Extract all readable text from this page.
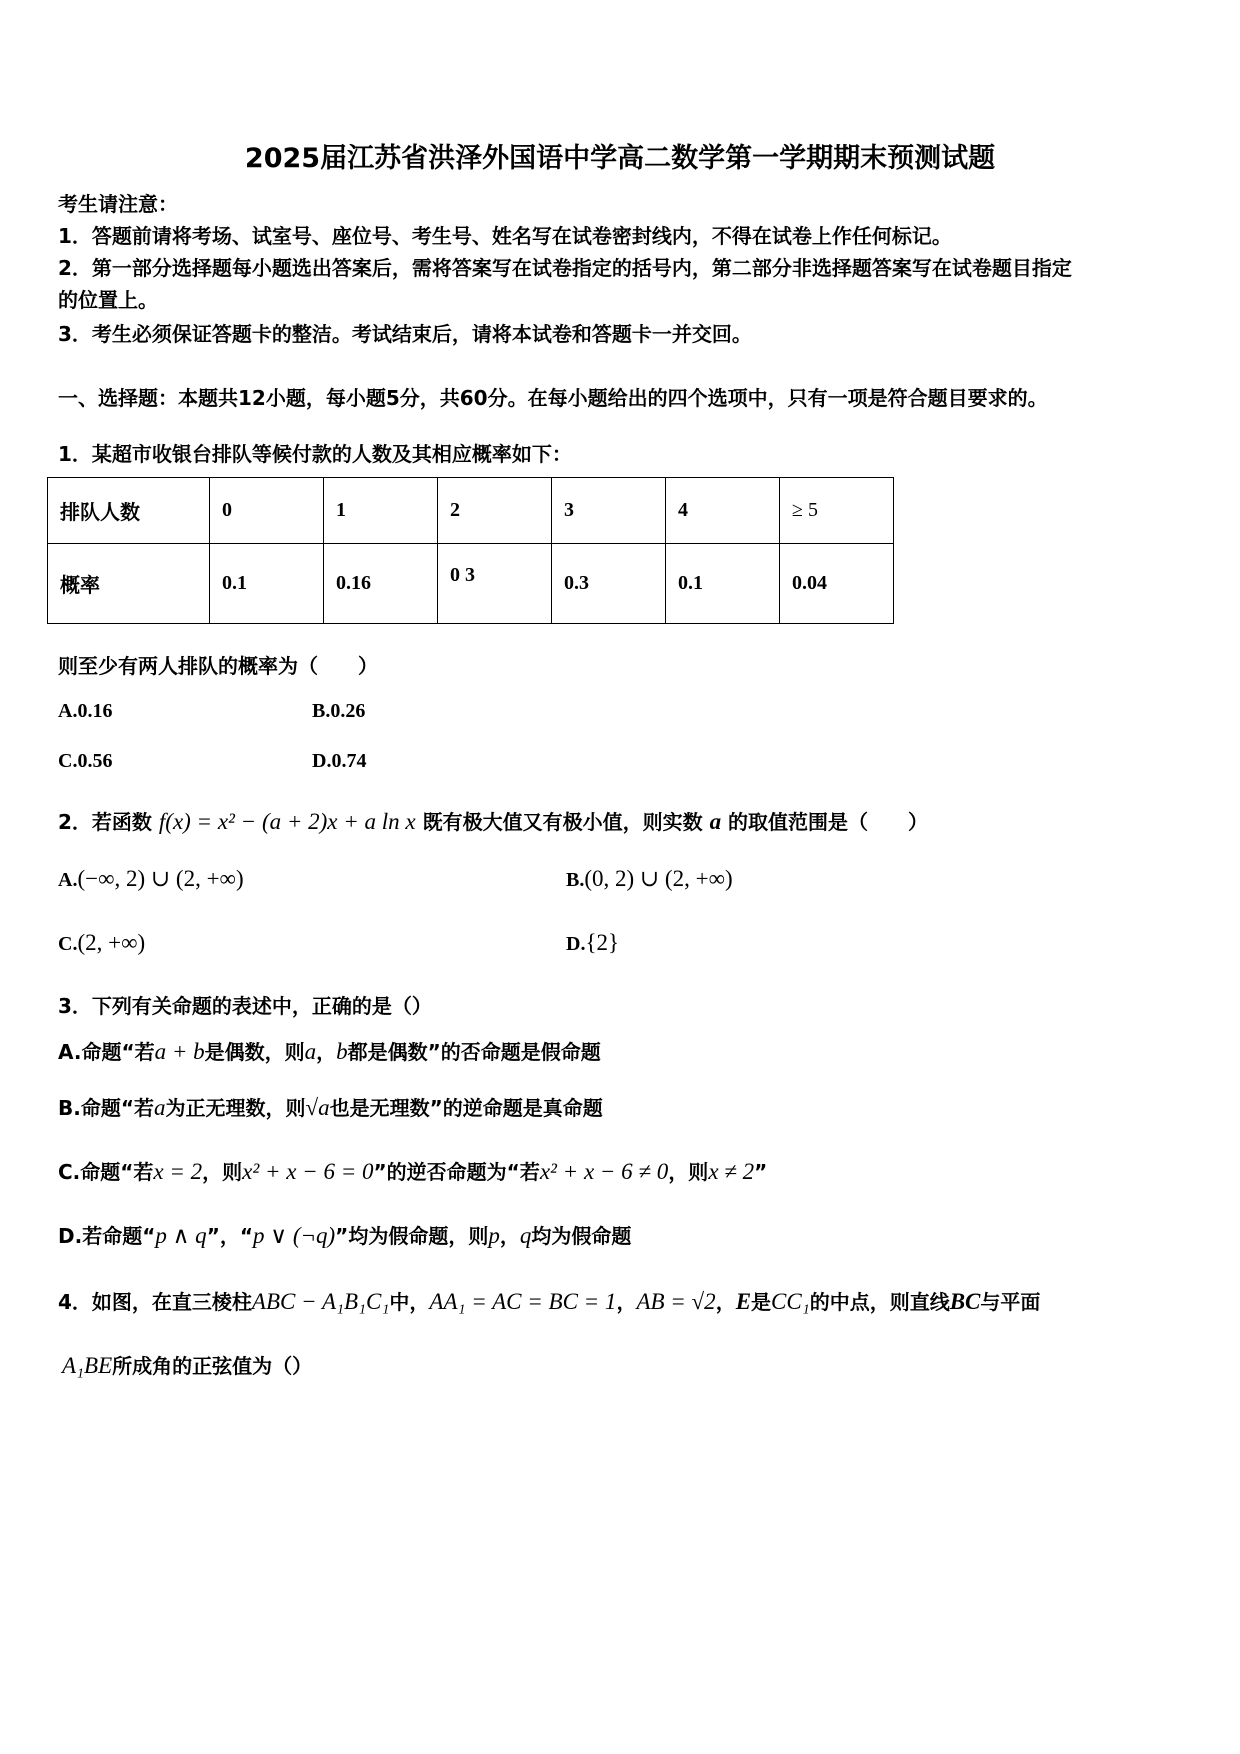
2025届江苏省洪泽外国语中学高二数学第一学期期末预测试题
考生请注意：
1．答题前请将考场、试室号、座位号、考生号、姓名写在试卷密封线内，不得在试卷上作任何标记。
2．第一部分选择题每小题选出答案后，需将答案写在试卷指定的括号内，第二部分非选择题答案写在试卷题目指定
的位置上。
3．考生必须保证答题卡的整洁。考试结束后，请将本试卷和答题卡一并交回。
一、选择题：本题共12小题，每小题5分，共60分。在每小题给出的四个选项中，只有一项是符合题目要求的。
1．某超市收银台排队等候付款的人数及其相应概率如下：
排队人数	0	1	2	3	4	≥ 5
概率	0.1	0.16	0 3	0.3	0.1	0.04
则至少有两人排队的概率为（　　）
A.0.16	B.0.26
C.0.56	D.0.74
2．若函数 f(x) = x² − (a + 2)x + a ln x 既有极大值又有极小值，则实数 a 的取值范围是（　　）
A.(−∞, 2) ∪ (2, +∞)	B.(0, 2) ∪ (2, +∞)
C.(2, +∞)	D.{2}
3．下列有关命题的表述中，正确的是（）
A.命题“若a + b是偶数，则a，b都是偶数”的否命题是假命题
B.命题“若a为正无理数，则√a也是无理数”的逆命题是真命题
C.命题“若x = 2，则x² + x − 6 = 0”的逆否命题为“若x² + x − 6 ≠ 0，则x ≠ 2”
D.若命题“p ∧ q”，“p ∨ (¬q)”均为假命题，则p，q均为假命题
4．如图，在直三棱柱ABC − A₁B₁C₁中，AA₁ = AC = BC = 1，AB = √2，E是CC₁的中点，则直线BC与平面
A₁BE所成角的正弦值为（）
